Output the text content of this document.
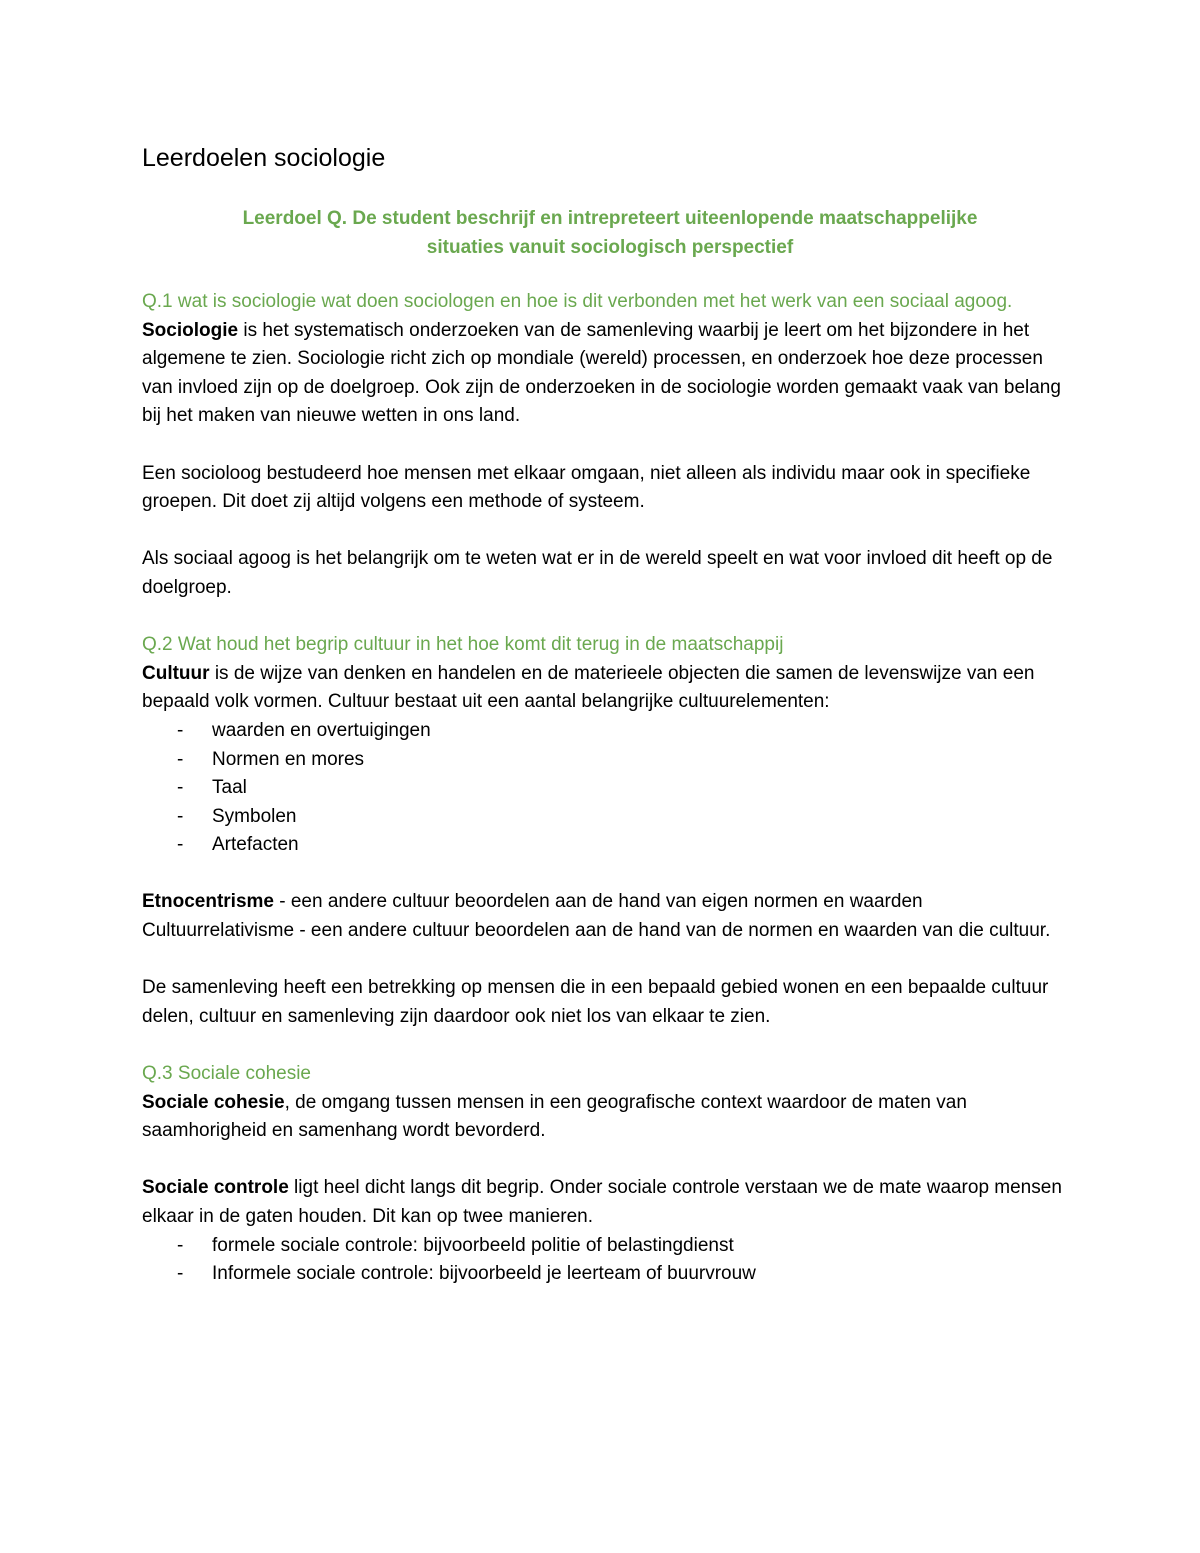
Leerdoelen sociologie
Leerdoel Q. De student beschrijf en intrepreteert uiteenlopende maatschappelijke
situaties vanuit sociologisch perspectief

Q.1 wat is sociologie wat doen sociologen en hoe is dit verbonden met het werk van een sociaal agoog.

Sociologie is het systematisch onderzoeken van de samenleving waarbij je leert om het bijzondere in het algemene te zien. Sociologie richt zich op mondiale (wereld) processen, en onderzoek hoe deze processen van invloed zijn op de doelgroep. Ook zijn de onderzoeken in de sociologie worden gemaakt vaak van belang bij het maken van nieuwe wetten in ons land.

Een socioloog bestudeerd hoe mensen met elkaar omgaan, niet alleen als individu maar ook in specifieke groepen. Dit doet zij altijd volgens een methode of systeem.

Als sociaal agoog is het belangrijk om te weten wat er in de wereld speelt en wat voor invloed dit heeft op de doelgroep.

Q.2 Wat houd het begrip cultuur in het hoe komt dit terug in de maatschappij

Cultuur is de wijze van denken en handelen en de materieele objecten die samen de levenswijze van een bepaald volk vormen. Cultuur bestaat uit een aantal belangrijke cultuurelementen:

- waarden en overtuigingen
- Normen en mores
- Taal
- Symbolen
- Artefacten

Etnocentrisme - een andere cultuur beoordelen aan de hand van eigen normen en waarden

Cultuurrelativisme - een andere cultuur beoordelen aan de hand van de normen en waarden van die cultuur.

De samenleving heeft een betrekking op mensen die in een bepaald gebied wonen en een bepaalde cultuur delen, cultuur en samenleving zijn daardoor ook niet los van elkaar te zien.

Q.3 Sociale cohesie

Sociale cohesie, de omgang tussen mensen in een geografische context waardoor de maten van saamhorigheid en samenhang wordt bevorderd.

Sociale controle ligt heel dicht langs dit begrip. Onder sociale controle verstaan we de mate waarop mensen elkaar in de gaten houden. Dit kan op twee manieren.

- formele sociale controle: bijvoorbeeld politie of belastingdienst
- Informele sociale controle: bijvoorbeeld je leerteam of buurvrouw
